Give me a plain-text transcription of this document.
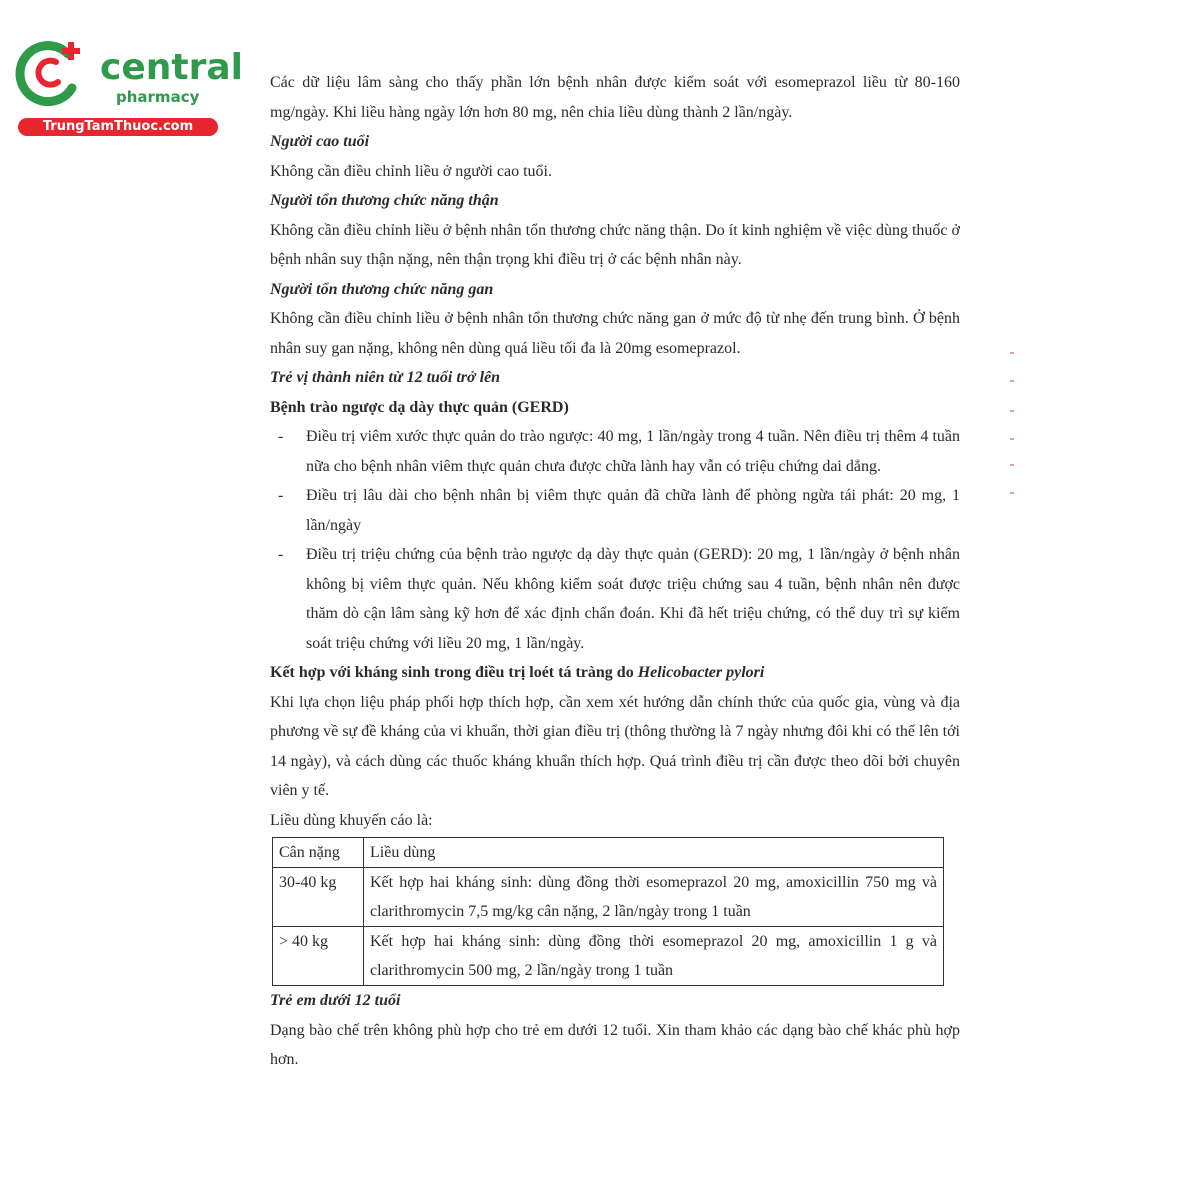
central
pharmacy
TrungTamThuoc.com

Các dữ liệu lâm sàng cho thấy phần lớn bệnh nhân được kiểm soát với esomeprazol liều từ 80-160 mg/ngày. Khi liều hàng ngày lớn hơn 80 mg, nên chia liều dùng thành 2 lần/ngày.

Người cao tuổi

Không cần điều chỉnh liều ở người cao tuổi.

Người tổn thương chức năng thận

Không cần điều chỉnh liều ở bệnh nhân tổn thương chức năng thận. Do ít kinh nghiệm về việc dùng thuốc ở bệnh nhân suy thận nặng, nên thận trọng khi điều trị ở các bệnh nhân này.

Người tổn thương chức năng gan

Không cần điều chỉnh liều ở bệnh nhân tổn thương chức năng gan ở mức độ từ nhẹ đến trung bình. Ở bệnh nhân suy gan nặng, không nên dùng quá liều tối đa là 20mg esomeprazol.

Trẻ vị thành niên từ 12 tuổi trở lên

Bệnh trào ngược dạ dày thực quản (GERD)

- Điều trị viêm xước thực quản do trào ngược: 40 mg, 1 lần/ngày trong 4 tuần. Nên điều trị thêm 4 tuần nữa cho bệnh nhân viêm thực quản chưa được chữa lành hay vẫn có triệu chứng dai dẳng.
- Điều trị lâu dài cho bệnh nhân bị viêm thực quản đã chữa lành để phòng ngừa tái phát: 20 mg, 1 lần/ngày
- Điều trị triệu chứng của bệnh trào ngược dạ dày thực quản (GERD): 20 mg, 1 lần/ngày ở bệnh nhân không bị viêm thực quản. Nếu không kiểm soát được triệu chứng sau 4 tuần, bệnh nhân nên được thăm dò cận lâm sàng kỹ hơn để xác định chẩn đoán. Khi đã hết triệu chứng, có thể duy trì sự kiểm soát triệu chứng với liều 20 mg, 1 lần/ngày.

Kết hợp với kháng sinh trong điều trị loét tá tràng do Helicobacter pylori

Khi lựa chọn liệu pháp phối hợp thích hợp, cần xem xét hướng dẫn chính thức của quốc gia, vùng và địa phương về sự đề kháng của vi khuẩn, thời gian điều trị (thông thường là 7 ngày nhưng đôi khi có thể lên tới 14 ngày), và cách dùng các thuốc kháng khuẩn thích hợp. Quá trình điều trị cần được theo dõi bởi chuyên viên y tế.

Liều dùng khuyến cáo là:

Cân nặng	Liều dùng
30-40 kg	Kết hợp hai kháng sinh: dùng đồng thời esomeprazol 20 mg, amoxicillin 750 mg và clarithromycin 7,5 mg/kg cân nặng, 2 lần/ngày trong 1 tuần
> 40 kg	Kết hợp hai kháng sinh: dùng đồng thời esomeprazol 20 mg, amoxicillin 1 g và clarithromycin 500 mg, 2 lần/ngày trong 1 tuần

Trẻ em dưới 12 tuổi

Dạng bào chế trên không phù hợp cho trẻ em dưới 12 tuổi. Xin tham khảo các dạng bào chế khác phù hợp hơn.
